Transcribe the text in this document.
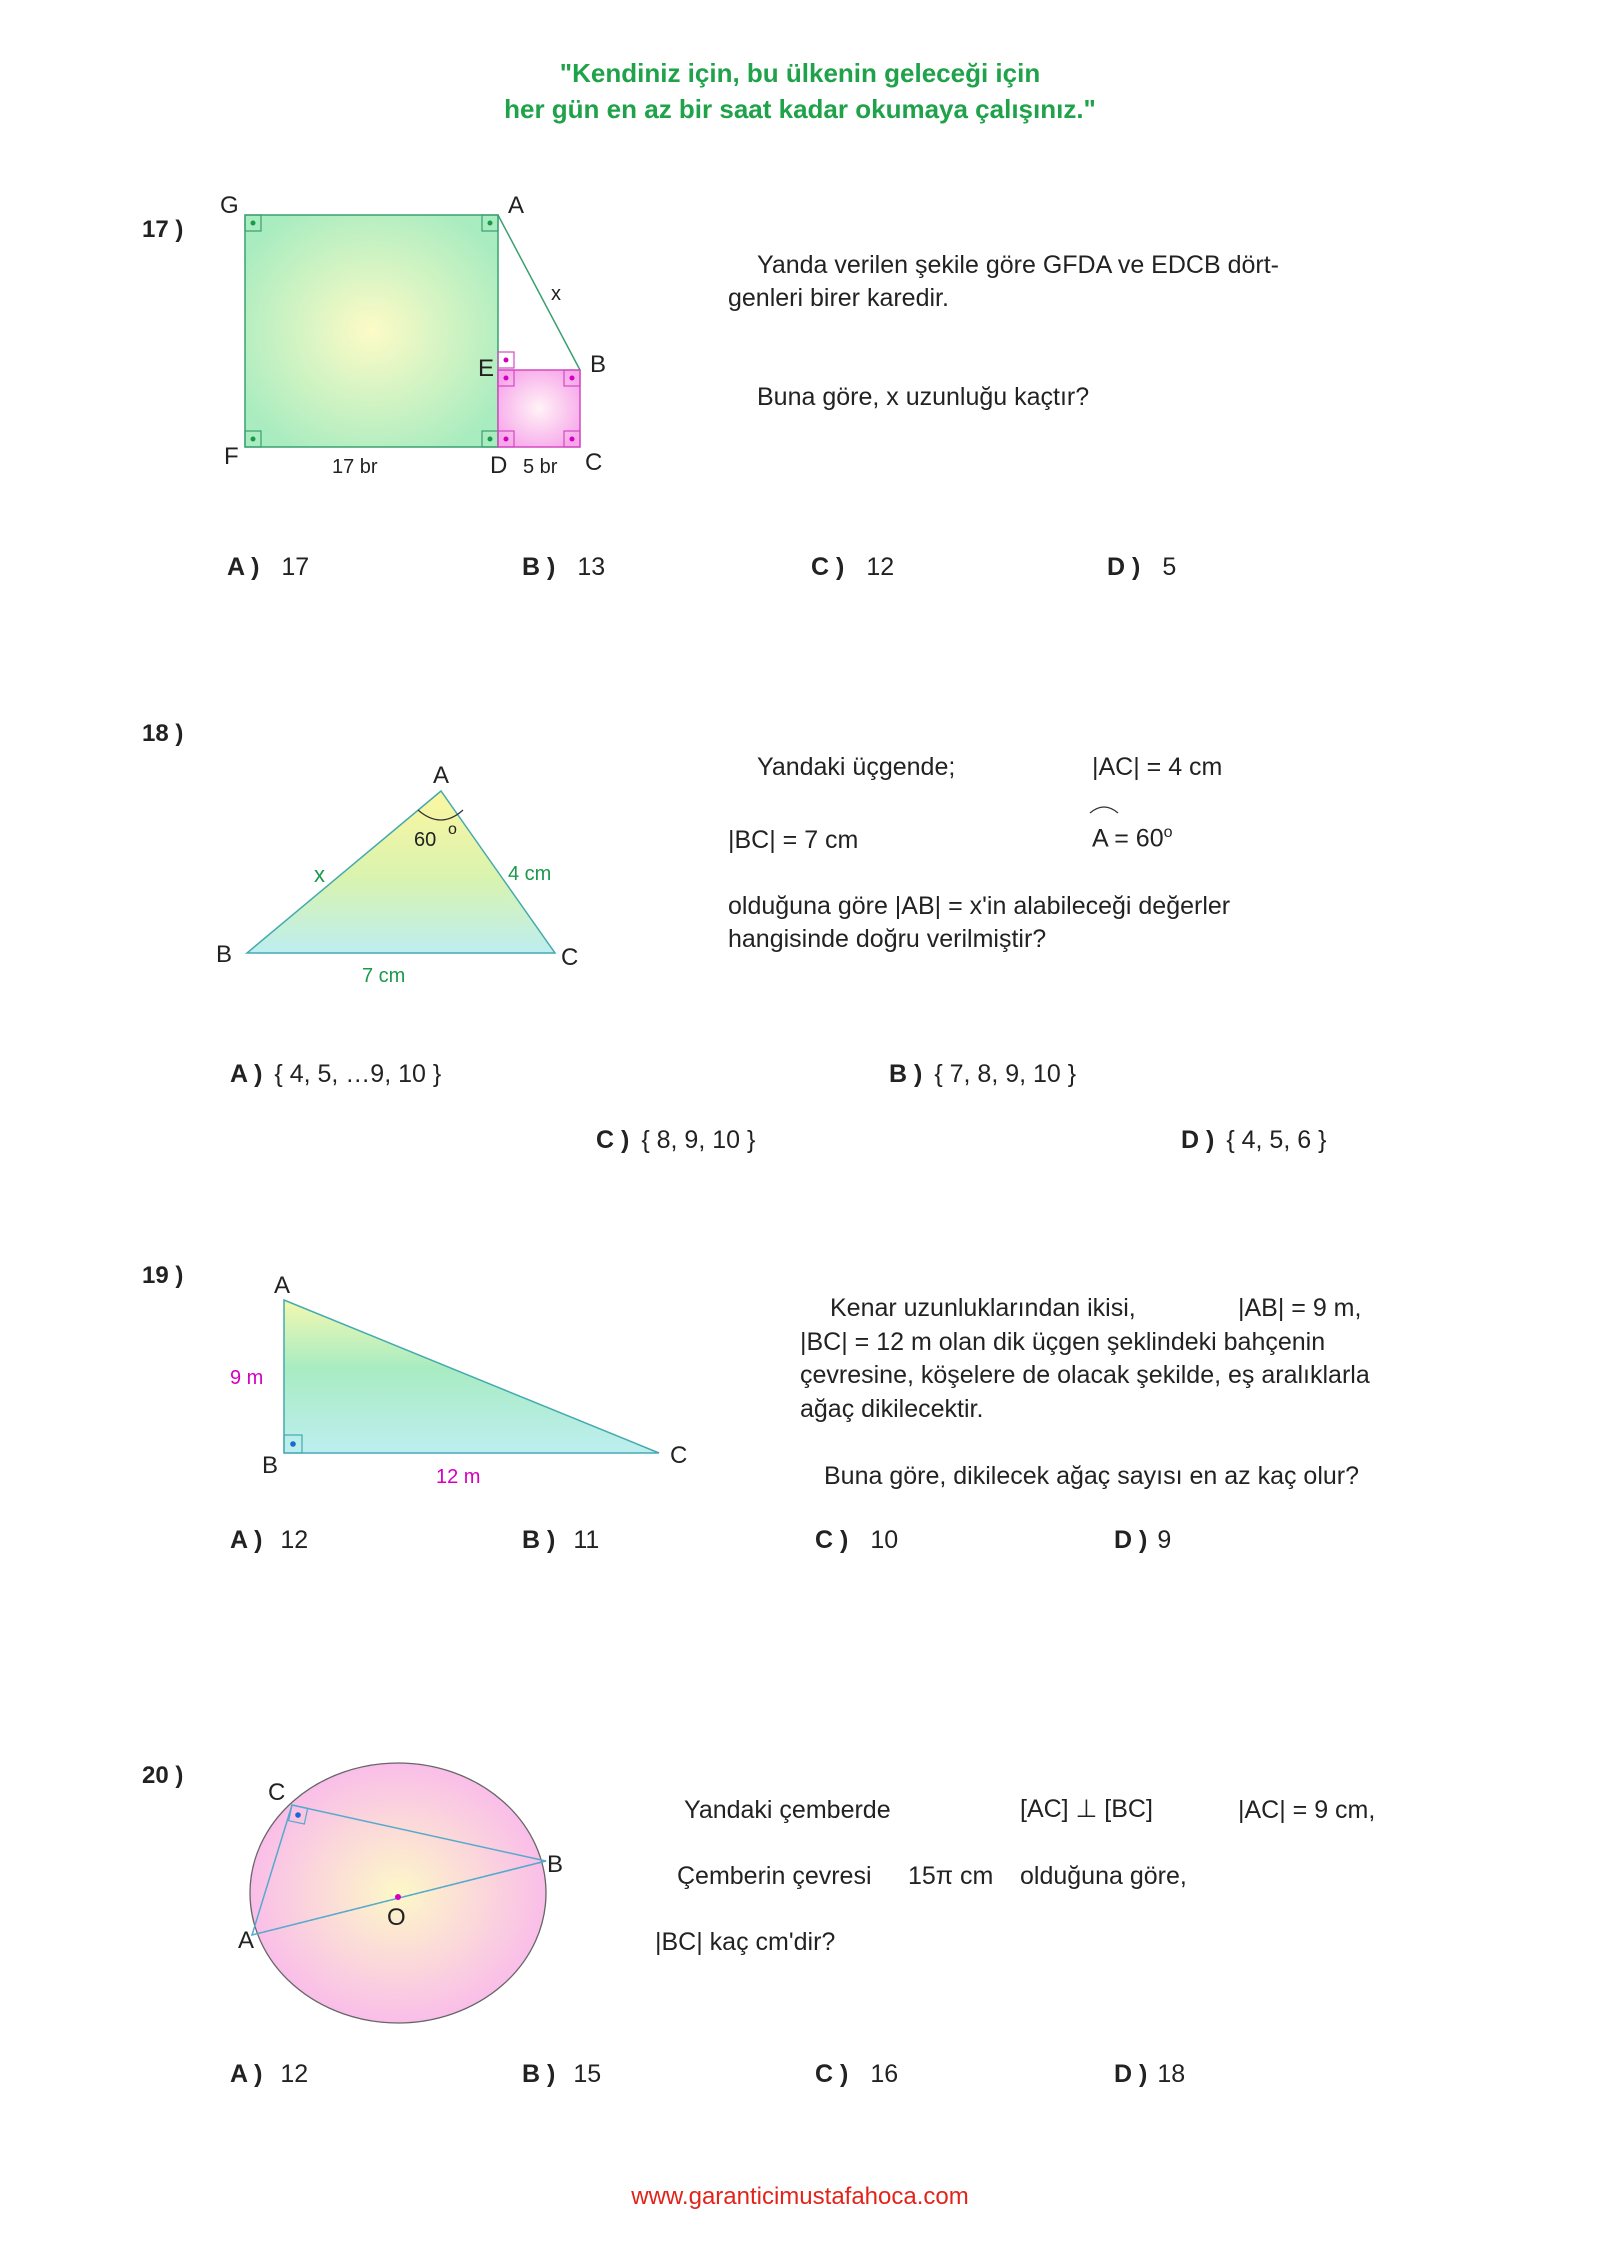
"Kendiniz için, bu ülkenin geleceği için
her gün en az bir saat kadar okumaya çalışınız."
17 )
G	A
x
E	B
F	D	C
17 br	5 br
Yanda verilen şekile göre GFDA ve EDCB dört-
genleri birer karedir.
Buna göre, x uzunluğu kaçtır?
A ) 17	B ) 13	C ) 12	D ) 5
18 )
A
B	C
60 o
x	4 cm
7 cm
Yandaki üçgende;	|AC| = 4 cm
|BC| = 7 cm	$A = 60^o$
olduğuna göre |AB| = x'in alabileceği değerler
hangisinde doğru verilmiştir?
A ) { 4, 5, …9, 10 }	B ) { 7, 8, 9, 10 }
C ) { 8, 9, 10 }	D ) { 4, 5, 6 }
19 )	A
B	C
9 m
12 m
Kenar uzunluklarından ikisi,	|AB| = 9 m,
|BC| = 12 m olan dik üçgen şeklindeki bahçenin
çevresine, köşelere de olacak şekilde, eş aralıklarla
ağaç dikilecektir.
Buna göre, dikilecek ağaç sayısı en az kaç olur?
A ) 12	B ) 11	C ) 10	D ) 9
20 )
C
B
A
O
Yandaki çemberde	[AC] ⊥ [BC]	|AC| = 9 cm,
Çemberin çevresi 15π cm olduğuna göre,
|BC| kaç cm'dir?
A ) 12	B ) 15	C ) 16	D ) 18
www.garanticimustafahoca.com
